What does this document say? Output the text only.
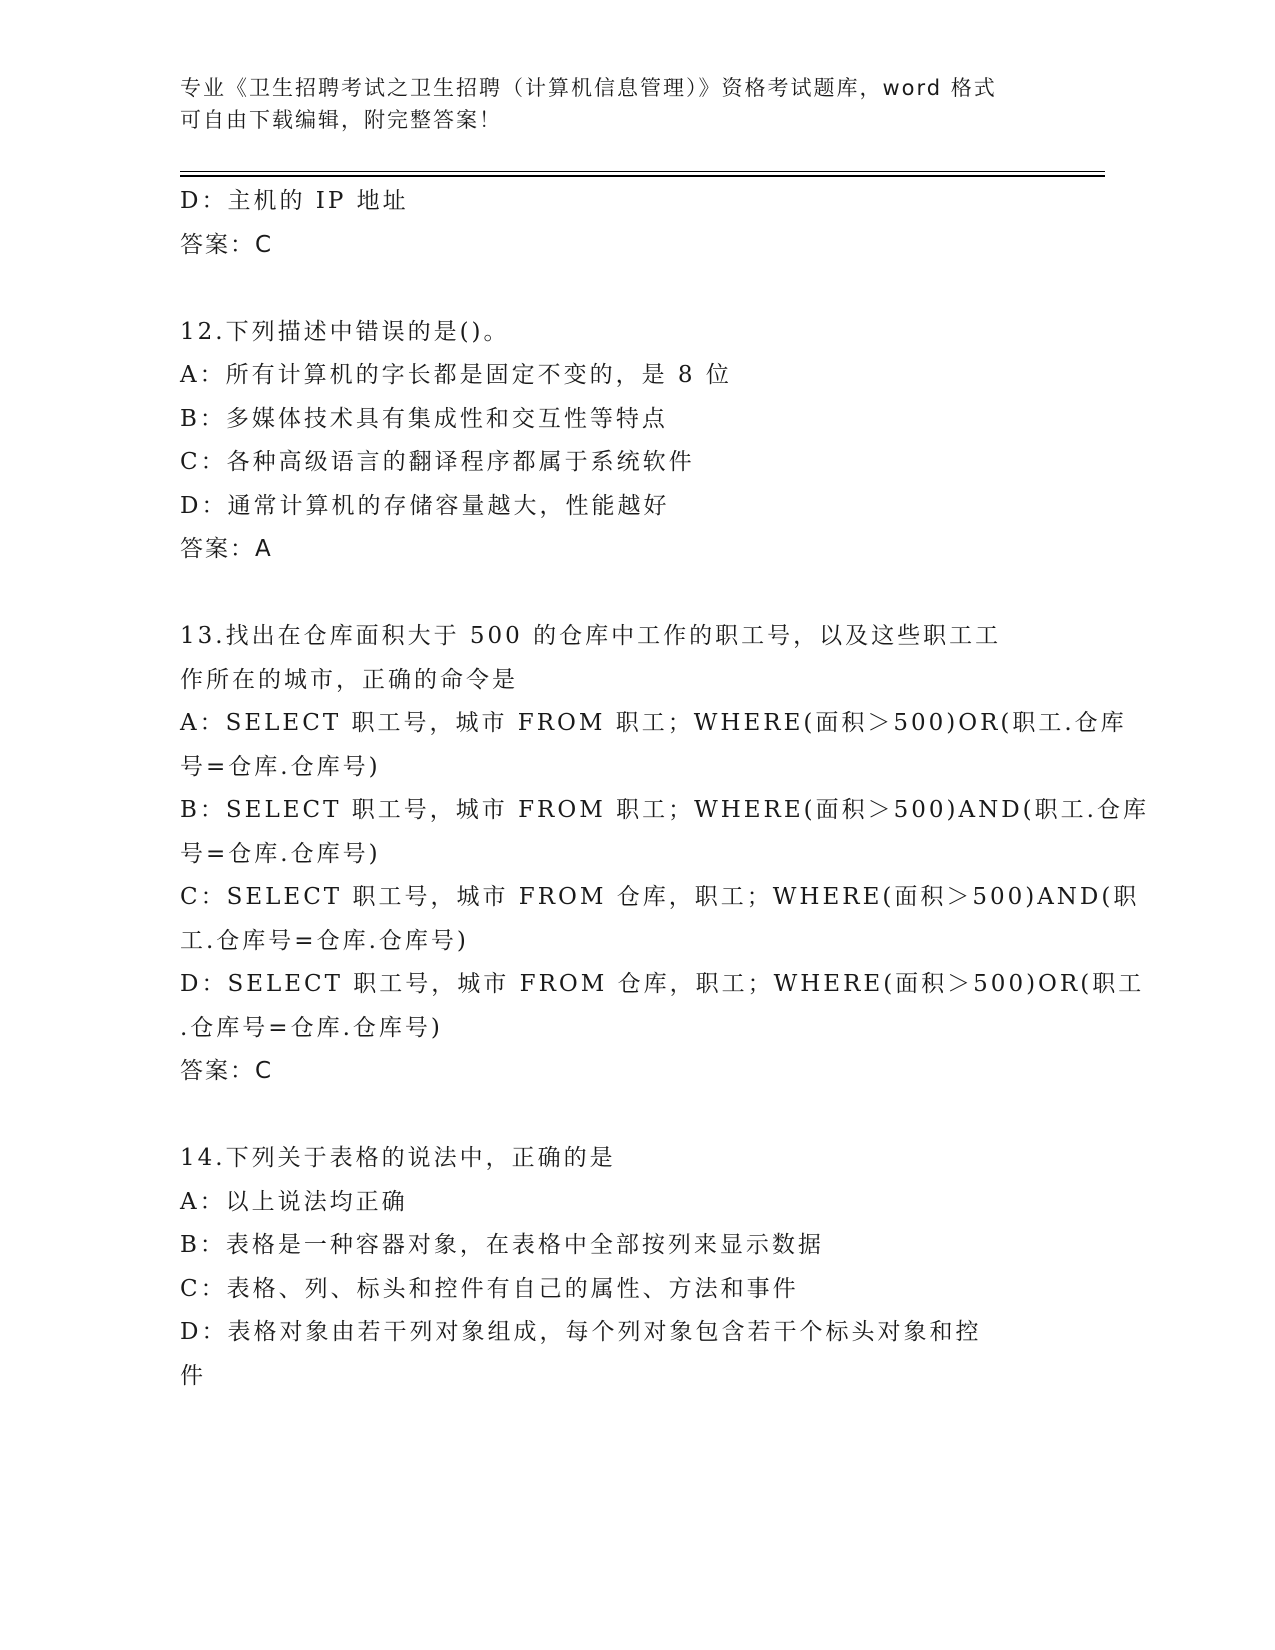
专业《卫生招聘考试之卫生招聘（计算机信息管理）》资格考试题库，word 格式
可自由下载编辑，附完整答案！
D：主机的 IP 地址
答案：C
12.下列描述中错误的是()。
A：所有计算机的字长都是固定不变的，是 8 位
B：多媒体技术具有集成性和交互性等特点
C：各种高级语言的翻译程序都属于系统软件
D：通常计算机的存储容量越大，性能越好
答案：A
13.找出在仓库面积大于 500 的仓库中工作的职工号，以及这些职工工
作所在的城市，正确的命令是
A：SELECT 职工号，城市 FROM 职工；WHERE(面积＞500)OR(职工.仓库
号=仓库.仓库号)
B：SELECT 职工号，城市 FROM 职工；WHERE(面积＞500)AND(职工.仓库
号=仓库.仓库号)
C：SELECT 职工号，城市 FROM 仓库，职工；WHERE(面积＞500)AND(职
工.仓库号=仓库.仓库号)
D：SELECT 职工号，城市 FROM 仓库，职工；WHERE(面积＞500)OR(职工
.仓库号=仓库.仓库号)
答案：C
14.下列关于表格的说法中，正确的是
A：以上说法均正确
B：表格是一种容器对象，在表格中全部按列来显示数据
C：表格、列、标头和控件有自己的属性、方法和事件
D：表格对象由若干列对象组成，每个列对象包含若干个标头对象和控
件
